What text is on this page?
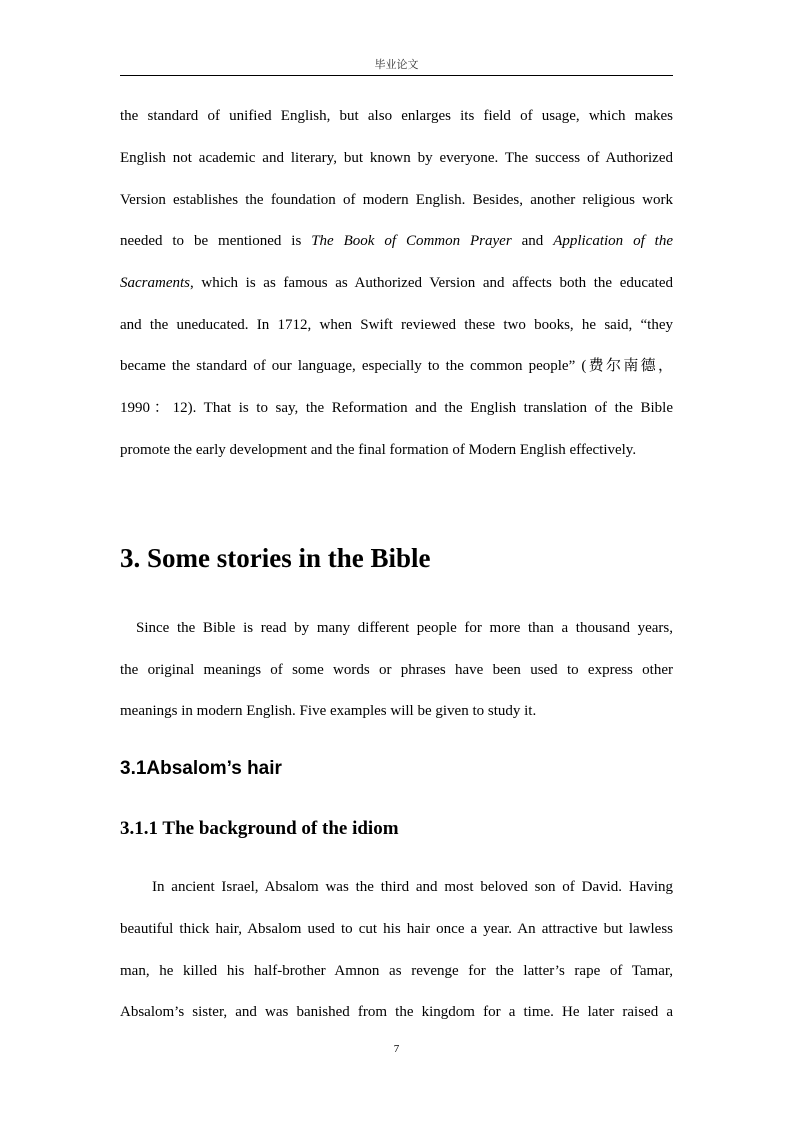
毕业论文
the standard of unified English, but also enlarges its field of usage, which makes
English not academic and literary, but known by everyone. The success of Authorized
Version establishes the foundation of modern English. Besides, another religious work
needed to be mentioned is The Book of Common Prayer and Application of the
Sacraments, which is as famous as Authorized Version and affects both the educated
and the uneducated. In 1712, when Swift reviewed these two books, he said, “they
became the standard of our language, especially to the common people” (费尔南德，
1990：12). That is to say, the Reformation and the English translation of the Bible
promote the early development and the final formation of Modern English effectively.
3. Some stories in the Bible
Since the Bible is read by many different people for more than a thousand years,
the original meanings of some words or phrases have been used to express other
meanings in modern English. Five examples will be given to study it.
3.1Absalom’s hair
3.1.1 The background of the idiom
In ancient Israel, Absalom was the third and most beloved son of David. Having
beautiful thick hair, Absalom used to cut his hair once a year. An attractive but lawless
man, he killed his half-brother Amnon as revenge for the latter’s rape of Tamar,
Absalom’s sister, and was banished from the kingdom for a time. He later raised a
7
